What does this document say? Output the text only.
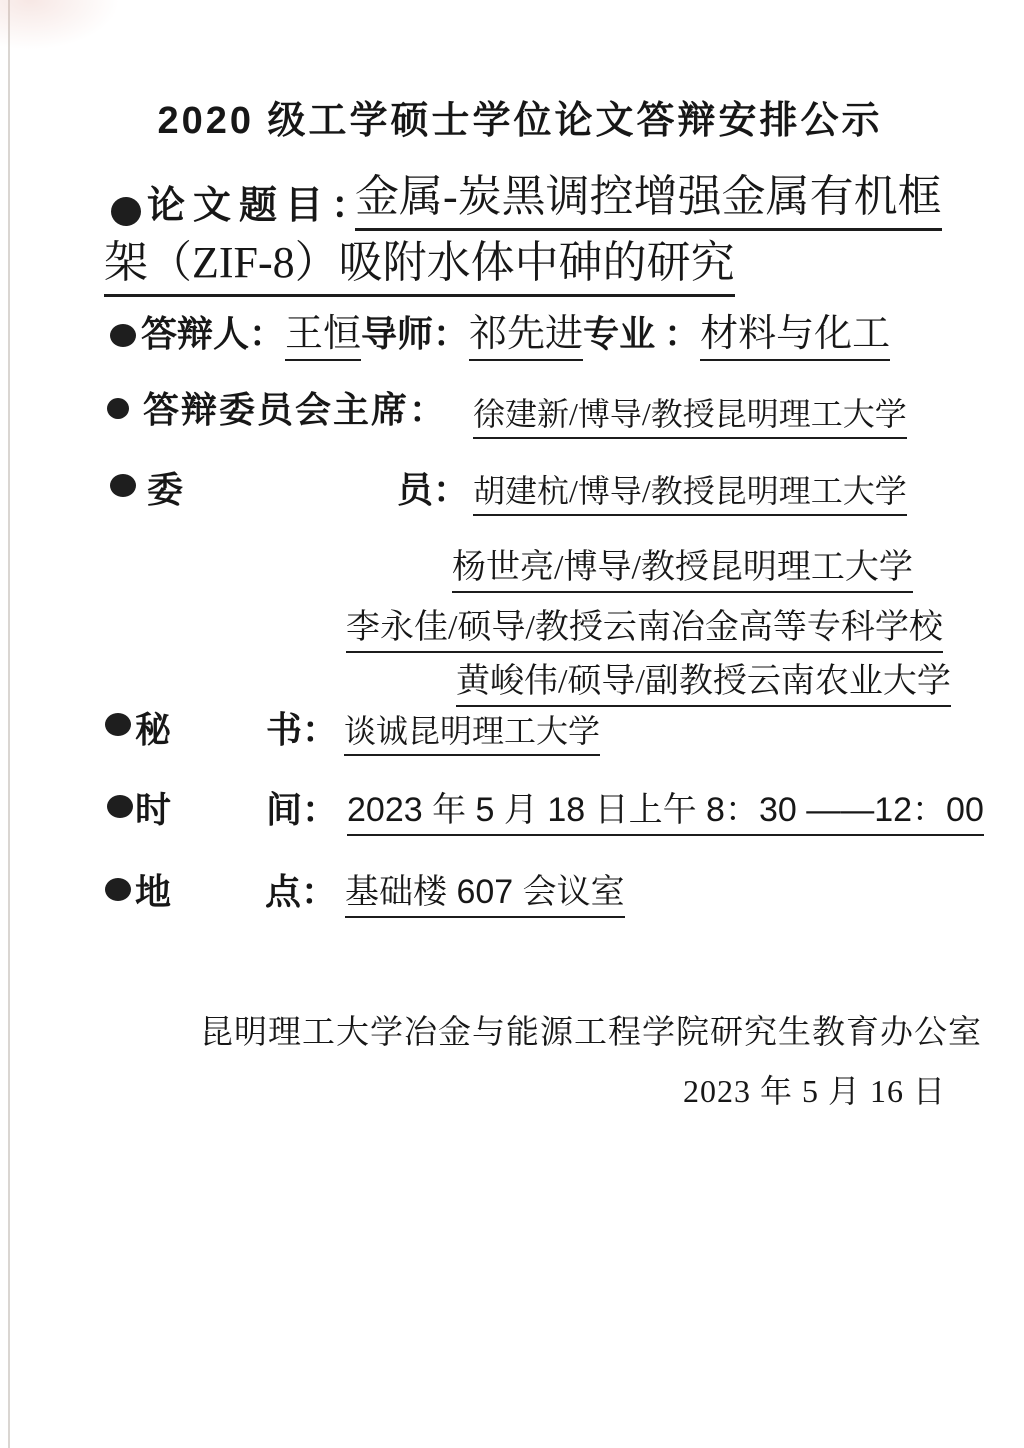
2020 级工学硕士学位论文答辩安排公示
论文题目：
金属-炭黑调控增强金属有机框
架（ZIF-8）吸附水体中砷的研究
答辩人：王恒导师：祁先进专业 ：材料与化工
答辩委员会主席： 徐建新/博导/教授昆明理工大学
委	员： 胡建杭/博导/教授昆明理工大学
杨世亮/博导/教授昆明理工大学
李永佳/硕导/教授云南冶金高等专科学校
黄峻伟/硕导/副教授云南农业大学
秘	书： 谈诚昆明理工大学
时	间： 2023 年 5 月 18 日上午 8：30 ——12：00
地	点： 基础楼 607 会议室
昆明理工大学冶金与能源工程学院研究生教育办公室
2023 年 5 月 16 日
